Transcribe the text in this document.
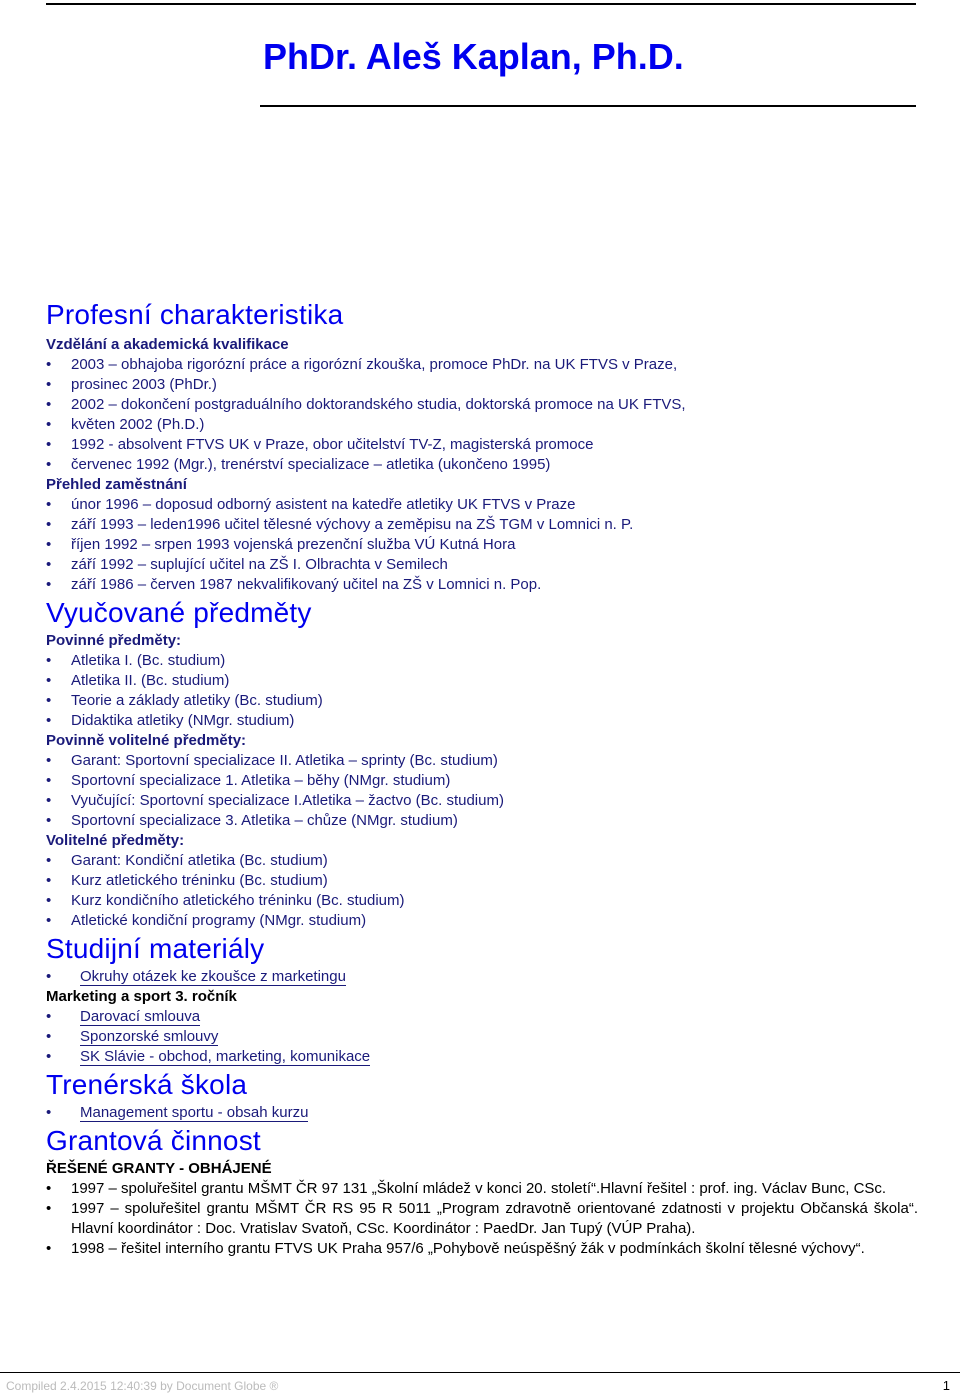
PhDr. Aleš Kaplan, Ph.D.
Profesní charakteristika
Vzdělání a akademická kvalifikace
• 2003 – obhajoba rigorózní práce a rigorózní zkouška, promoce PhDr. na UK FTVS v Praze,
• prosinec 2003 (PhDr.)
• 2002 – dokončení postgraduálního doktorandského studia, doktorská promoce na UK FTVS,
• květen 2002 (Ph.D.)
• 1992 - absolvent FTVS UK v Praze, obor učitelství TV-Z, magisterská promoce
• červenec 1992 (Mgr.), trenérství specializace – atletika (ukončeno 1995)
Přehled zaměstnání
• únor 1996 – doposud odborný asistent na katedře atletiky UK FTVS v Praze
• září 1993 – leden1996 učitel tělesné výchovy a zeměpisu na ZŠ TGM v Lomnici n. P.
• říjen 1992 – srpen 1993 vojenská prezenční služba VÚ Kutná Hora
• září 1992 – suplující učitel na ZŠ I. Olbrachta v Semilech
• září 1986 – červen 1987 nekvalifikovaný učitel na ZŠ v Lomnici n. Pop.
Vyučované předměty
Povinné předměty:
• Atletika I. (Bc. studium)
• Atletika II. (Bc. studium)
• Teorie a základy atletiky (Bc. studium)
• Didaktika atletiky (NMgr. studium)
Povinně volitelné předměty:
• Garant: Sportovní specializace II. Atletika – sprinty (Bc. studium)
• Sportovní specializace 1. Atletika – běhy (NMgr. studium)
• Vyučující: Sportovní specializace I.Atletika – žactvo (Bc. studium)
• Sportovní specializace 3. Atletika – chůze (NMgr. studium)
Volitelné předměty:
• Garant: Kondiční atletika (Bc. studium)
• Kurz atletického tréninku (Bc. studium)
• Kurz kondičního atletického tréninku (Bc. studium)
• Atletické kondiční programy (NMgr. studium)
Studijní materiály
• Okruhy otázek ke zkoušce z marketingu
Marketing a sport 3. ročník
• Darovací smlouva
• Sponzorské smlouvy
• SK Slávie - obchod, marketing, komunikace
Trenérská škola
• Management sportu - obsah kurzu
Grantová činnost
ŘEŠENÉ GRANTY - OBHÁJENÉ
• 1997 – spoluřešitel grantu MŠMT ČR 97 131 „Školní mládež v konci 20. století“.Hlavní řešitel : prof. ing. Václav Bunc, CSc.
• 1997 – spoluřešitel grantu MŠMT ČR RS 95 R 5011 „Program zdravotně orientované zdatnosti v projektu Občanská škola“. Hlavní koordinátor : Doc. Vratislav Svatoň, CSc. Koordinátor : PaedDr. Jan Tupý (VÚP Praha).
• 1998 – řešitel interního grantu FTVS UK Praha 957/6 „Pohybově neúspěšný žák v podmínkách školní tělesné výchovy“.
Compiled 2.4.2015 12:40:39 by Document Globe ®	1
